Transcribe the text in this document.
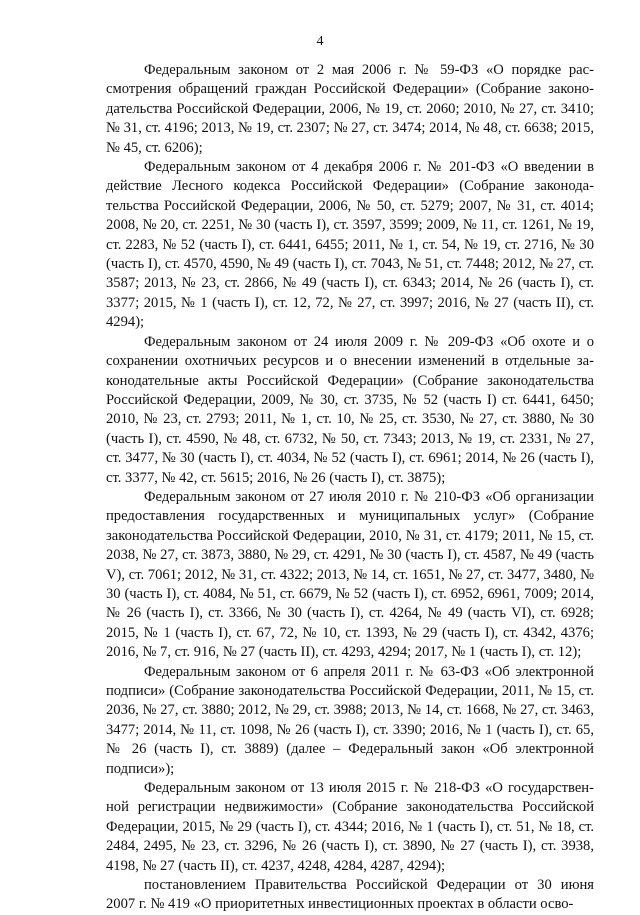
4

Федеральным законом от 2 мая 2006 г. № 59-ФЗ «О порядке рассмотрения обращений граждан Российской Федерации» (Собрание законодательства Российской Федерации, 2006, № 19, ст. 2060; 2010, № 27, ст. 3410; № 31, ст. 4196; 2013, № 19, ст. 2307; № 27, ст. 3474; 2014, № 48, ст. 6638; 2015, № 45, ст. 6206);

Федеральным законом от 4 декабря 2006 г. № 201-ФЗ «О введении в действие Лесного кодекса Российской Федерации» (Собрание законодательства Российской Федерации, 2006, № 50, ст. 5279; 2007, № 31, ст. 4014; 2008, № 20, ст. 2251, № 30 (часть I), ст. 3597, 3599; 2009, № 11, ст. 1261, № 19, ст. 2283, № 52 (часть I), ст. 6441, 6455; 2011, № 1, ст. 54, № 19, ст. 2716, № 30 (часть I), ст. 4570, 4590, № 49 (часть I), ст. 7043, № 51, ст. 7448; 2012, № 27, ст. 3587; 2013, № 23, ст. 2866, № 49 (часть I), ст. 6343; 2014, № 26 (часть I), ст. 3377; 2015, № 1 (часть I), ст. 12, 72, № 27, ст. 3997; 2016, № 27 (часть II), ст. 4294);

Федеральным законом от 24 июля 2009 г. № 209-ФЗ «Об охоте и о сохранении охотничьих ресурсов и о внесении изменений в отдельные законодательные акты Российской Федерации» (Собрание законодательства Российской Федерации, 2009, № 30, ст. 3735, № 52 (часть I) ст. 6441, 6450; 2010, № 23, ст. 2793; 2011, № 1, ст. 10, № 25, ст. 3530, № 27, ст. 3880, № 30 (часть I), ст. 4590, № 48, ст. 6732, № 50, ст. 7343; 2013, № 19, ст. 2331, № 27, ст. 3477, № 30 (часть I), ст. 4034, № 52 (часть I), ст. 6961; 2014, № 26 (часть I), ст. 3377, № 42, ст. 5615; 2016, № 26 (часть I), ст. 3875);

Федеральным законом от 27 июля 2010 г. № 210-ФЗ «Об организации предоставления государственных и муниципальных услуг» (Собрание законодательства Российской Федерации, 2010, № 31, ст. 4179; 2011, № 15, ст. 2038, № 27, ст. 3873, 3880, № 29, ст. 4291, № 30 (часть I), ст. 4587, № 49 (часть V), ст. 7061; 2012, № 31, ст. 4322; 2013, № 14, ст. 1651, № 27, ст. 3477, 3480, № 30 (часть I), ст. 4084, № 51, ст. 6679, № 52 (часть I), ст. 6952, 6961, 7009; 2014, № 26 (часть I), ст. 3366, № 30 (часть I), ст. 4264, № 49 (часть VI), ст. 6928; 2015, № 1 (часть I), ст. 67, 72, № 10, ст. 1393, № 29 (часть I), ст. 4342, 4376; 2016, № 7, ст. 916, № 27 (часть II), ст. 4293, 4294; 2017, № 1 (часть I), ст. 12);

Федеральным законом от 6 апреля 2011 г. № 63-ФЗ «Об электронной подписи» (Собрание законодательства Российской Федерации, 2011, № 15, ст. 2036, № 27, ст. 3880; 2012, № 29, ст. 3988; 2013, № 14, ст. 1668, № 27, ст. 3463, 3477; 2014, № 11, ст. 1098, № 26 (часть I), ст. 3390; 2016, № 1 (часть I), ст. 65, № 26 (часть I), ст. 3889) (далее – Федеральный закон «Об электронной подписи»);

Федеральным законом от 13 июля 2015 г. № 218-ФЗ «О государственной регистрации недвижимости» (Собрание законодательства Российской Федерации, 2015, № 29 (часть I), ст. 4344; 2016, № 1 (часть I), ст. 51, № 18, ст. 2484, 2495, № 23, ст. 3296, № 26 (часть I), ст. 3890, № 27 (часть I), ст. 3938, 4198, № 27 (часть II), ст. 4237, 4248, 4284, 4287, 4294);

постановлением Правительства Российской Федерации от 30 июня 2007 г. № 419 «О приоритетных инвестиционных проектах в области осво-
